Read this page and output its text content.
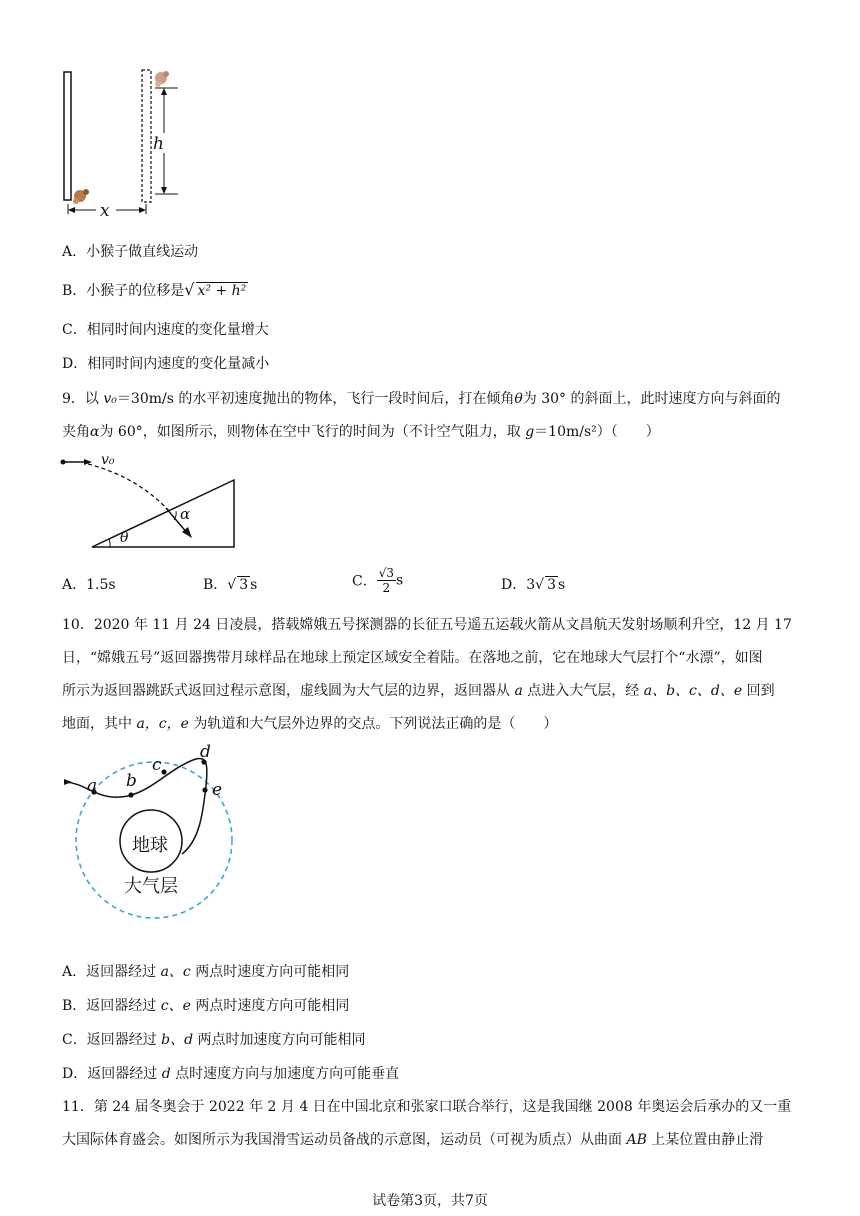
h
x
A．小猴子做直线运动
B．小猴子的位移是√ x² + h²
C．相同时间内速度的变化量增大
D．相同时间内速度的变化量减小
9．以 v₀＝30m/s 的水平初速度抛出的物体，飞行一段时间后，打在倾角θ为 30° 的斜面上，此时速度方向与斜面的
夹角α为 60°，如图所示，则物体在空中飞行的时间为（不计空气阻力，取 g＝10m/s²）（　　）
v₀
α
θ
A．1.5s	B．√ 3 s	C． $\frac{√3}{2}$ s	D．3√ 3 s
10．2020 年 11 月 24 日凌晨，搭载嫦娥五号探测器的长征五号遥五运载火箭从文昌航天发射场顺利升空，12 月 17
日，“嫦娥五号”返回器携带月球样品在地球上预定区域安全着陆。在落地之前，它在地球大气层打个“水漂”，如图
所示为返回器跳跃式返回过程示意图，虚线圆为大气层的边界，返回器从 a 点进入大气层，经 a、b、c、d、e 回到
地面，其中 a，c，e 为轨道和大气层外边界的交点。下列说法正确的是（　　）
a b
c
d
e
地球
大气层
A．返回器经过 a、c 两点时速度方向可能相同
B．返回器经过 c、e 两点时速度方向可能相同
C．返回器经过 b、d 两点时加速度方向可能相同
D．返回器经过 d 点时速度方向与加速度方向可能垂直
11．第 24 届冬奥会于 2022 年 2 月 4 日在中国北京和张家口联合举行，这是我国继 2008 年奥运会后承办的又一重
大国际体育盛会。如图所示为我国滑雪运动员备战的示意图，运动员（可视为质点）从曲面 AB 上某位置由静止滑
试卷第3页，共7页
